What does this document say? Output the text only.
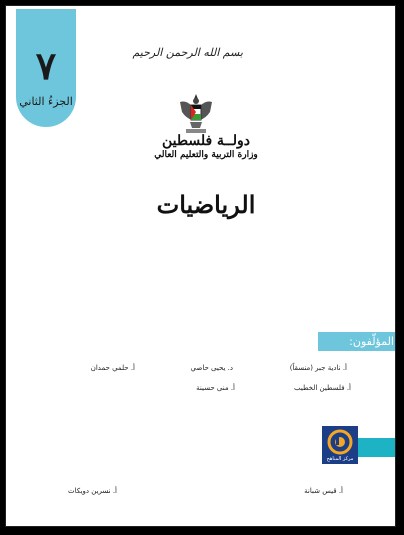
٧
الجزءُ الثاني
بسم الله الرحمن الرحيم
دولــة فلسطين
وزارة التربية والتعليم العالي
الرياضيات
المؤلّفون:
أ. نادية جبر (منسقاً)
د. يحيى حاصي
أ. حلمي حمدان
أ. فلسطين الخطيب
أ. منى حسينة
مركز المناهج
أ. قيس شبانة
أ. نسرين دويكات
